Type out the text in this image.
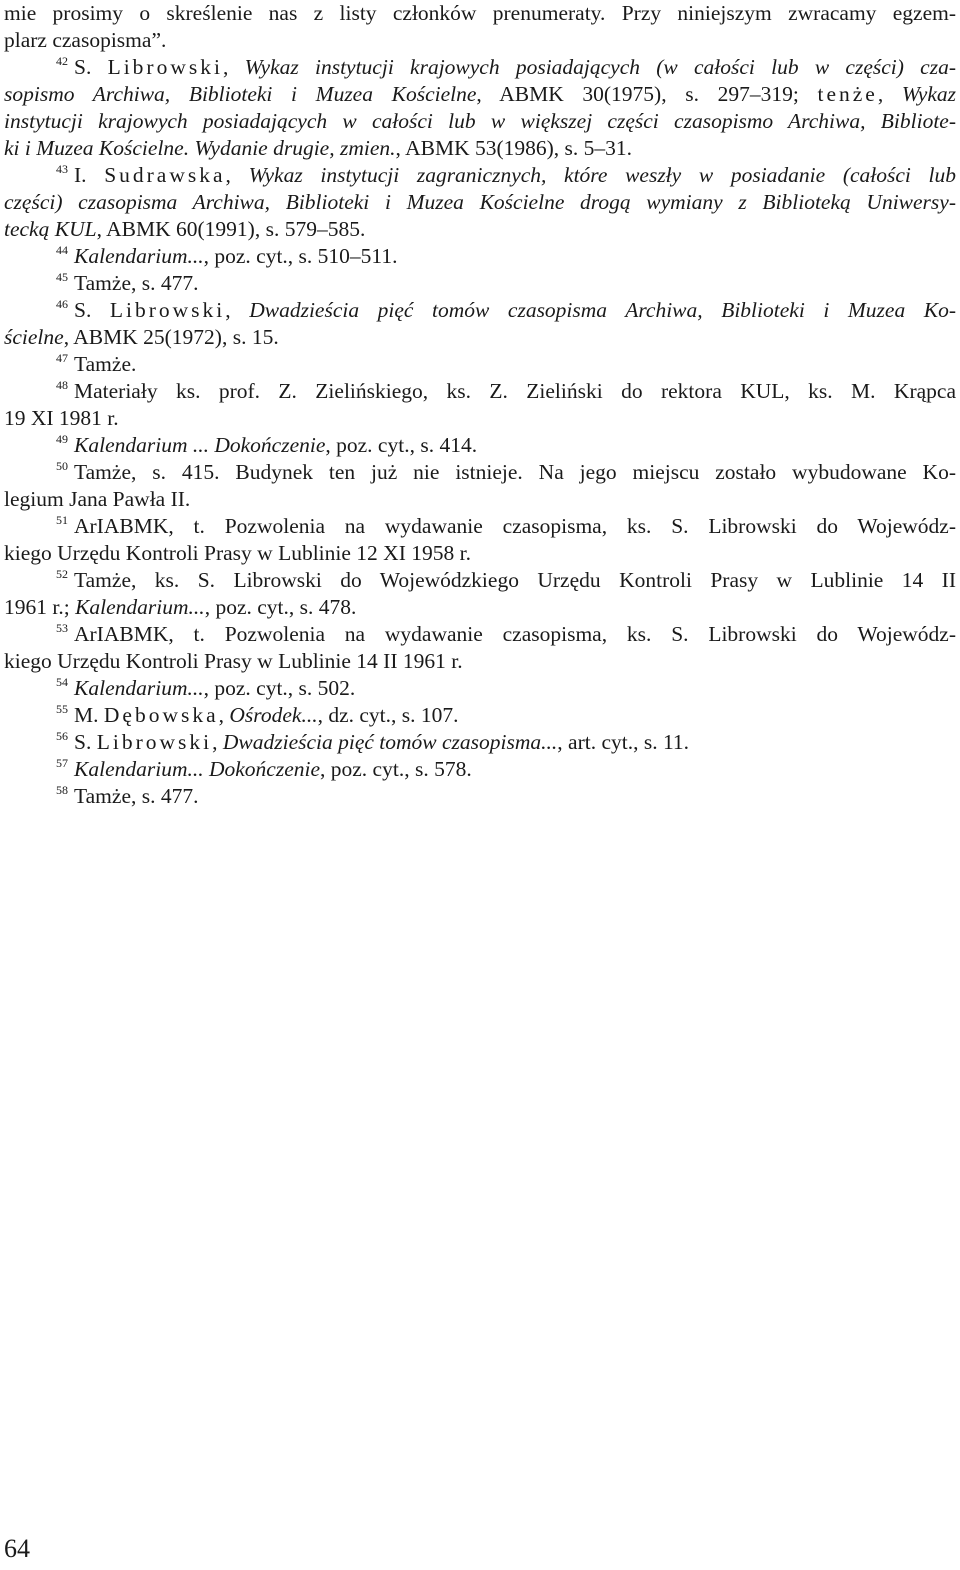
mie prosimy o skreślenie nas z listy członków prenumeraty. Przy niniejszym zwracamy egzem-
plarz czasopisma”.
$^{42}$ S. Librowski, Wykaz instytucji krajowych posiadających (w całości lub w części) cza-
sopismo Archiwa, Biblioteki i Muzea Kościelne, ABMK 30(1975), s. 297–319; tenże, Wykaz
instytucji krajowych posiadających w całości lub w większej części czasopismo Archiwa, Bibliote-
ki i Muzea Kościelne. Wydanie drugie, zmien., ABMK 53(1986), s. 5–31.
$^{43}$ I. Sudrawska, Wykaz instytucji zagranicznych, które weszły w posiadanie (całości lub
części) czasopisma Archiwa, Biblioteki i Muzea Kościelne drogą wymiany z Biblioteką Uniwersy-
tecką KUL, ABMK 60(1991), s. 579–585.
$^{44}$ Kalendarium..., poz. cyt., s. 510–511.
$^{45}$ Tamże, s. 477.
$^{46}$ S. Librowski, Dwadzieścia pięć tomów czasopisma Archiwa, Biblioteki i Muzea Ko-
ścielne, ABMK 25(1972), s. 15.
$^{47}$ Tamże.
$^{48}$ Materiały ks. prof. Z. Zielińskiego, ks. Z. Zieliński do rektora KUL, ks. M. Krąpca
19 XI 1981 r.
$^{49}$ Kalendarium ... Dokończenie, poz. cyt., s. 414.
$^{50}$ Tamże, s. 415. Budynek ten już nie istnieje. Na jego miejscu zostało wybudowane Ko-
legium Jana Pawła II.
$^{51}$ ArIABMK, t. Pozwolenia na wydawanie czasopisma, ks. S. Librowski do Wojewódz-
kiego Urzędu Kontroli Prasy w Lublinie 12 XI 1958 r.
$^{52}$ Tamże, ks. S. Librowski do Wojewódzkiego Urzędu Kontroli Prasy w Lublinie 14 II
1961 r.; Kalendarium..., poz. cyt., s. 478.
$^{53}$ ArIABMK, t. Pozwolenia na wydawanie czasopisma, ks. S. Librowski do Wojewódz-
kiego Urzędu Kontroli Prasy w Lublinie 14 II 1961 r.
$^{54}$ Kalendarium..., poz. cyt., s. 502.
$^{55}$ M. Dębowska, Ośrodek..., dz. cyt., s. 107.
$^{56}$ S. Librowski, Dwadzieścia pięć tomów czasopisma..., art. cyt., s. 11.
$^{57}$ Kalendarium... Dokończenie, poz. cyt., s. 578.
$^{58}$ Tamże, s. 477.
64
